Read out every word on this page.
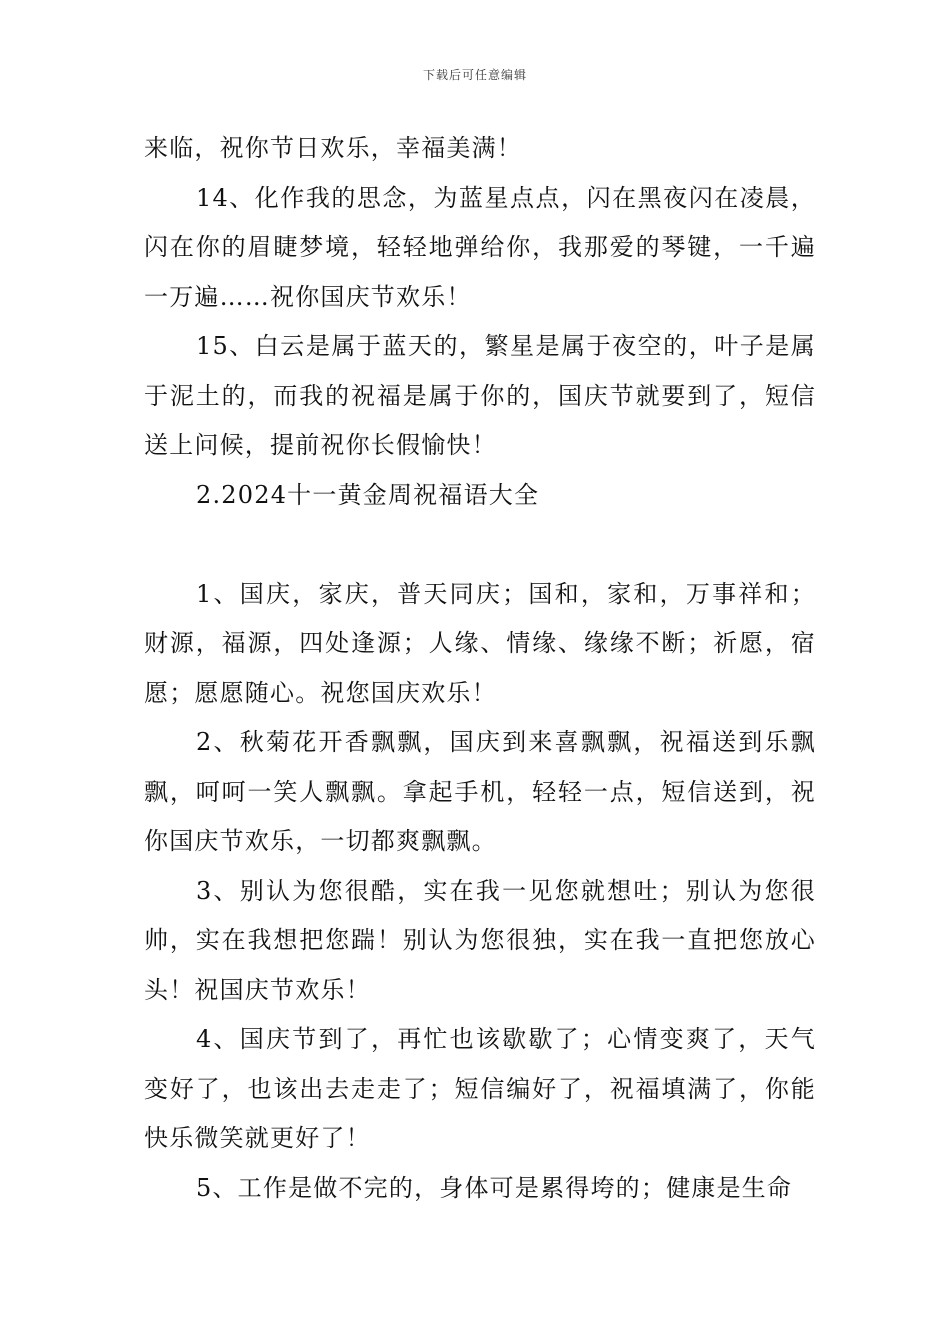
下载后可任意编辑

来临，祝你节日欢乐，幸福美满！

14、化作我的思念，为蓝星点点，闪在黑夜闪在凌晨，闪在你的眉睫梦境，轻轻地弹给你，我那爱的琴键，一千遍一万遍……祝你国庆节欢乐！

15、白云是属于蓝天的，繁星是属于夜空的，叶子是属于泥土的，而我的祝福是属于你的，国庆节就要到了，短信送上问候，提前祝你长假愉快！

2.2024十一黄金周祝福语大全

1、国庆，家庆，普天同庆；国和，家和，万事祥和；财源，福源，四处逢源；人缘、情缘、缘缘不断；祈愿，宿愿；愿愿随心。祝您国庆欢乐！

2、秋菊花开香飘飘，国庆到来喜飘飘，祝福送到乐飘飘，呵呵一笑人飘飘。拿起手机，轻轻一点，短信送到，祝你国庆节欢乐，一切都爽飘飘。

3、别认为您很酷，实在我一见您就想吐；别认为您很帅，实在我想把您踹！别认为您很独，实在我一直把您放心头！祝国庆节欢乐！

4、国庆节到了，再忙也该歇歇了；心情变爽了，天气变好了，也该出去走走了；短信编好了，祝福填满了，你能快乐微笑就更好了！

5、工作是做不完的，身体可是累得垮的；健康是生命
